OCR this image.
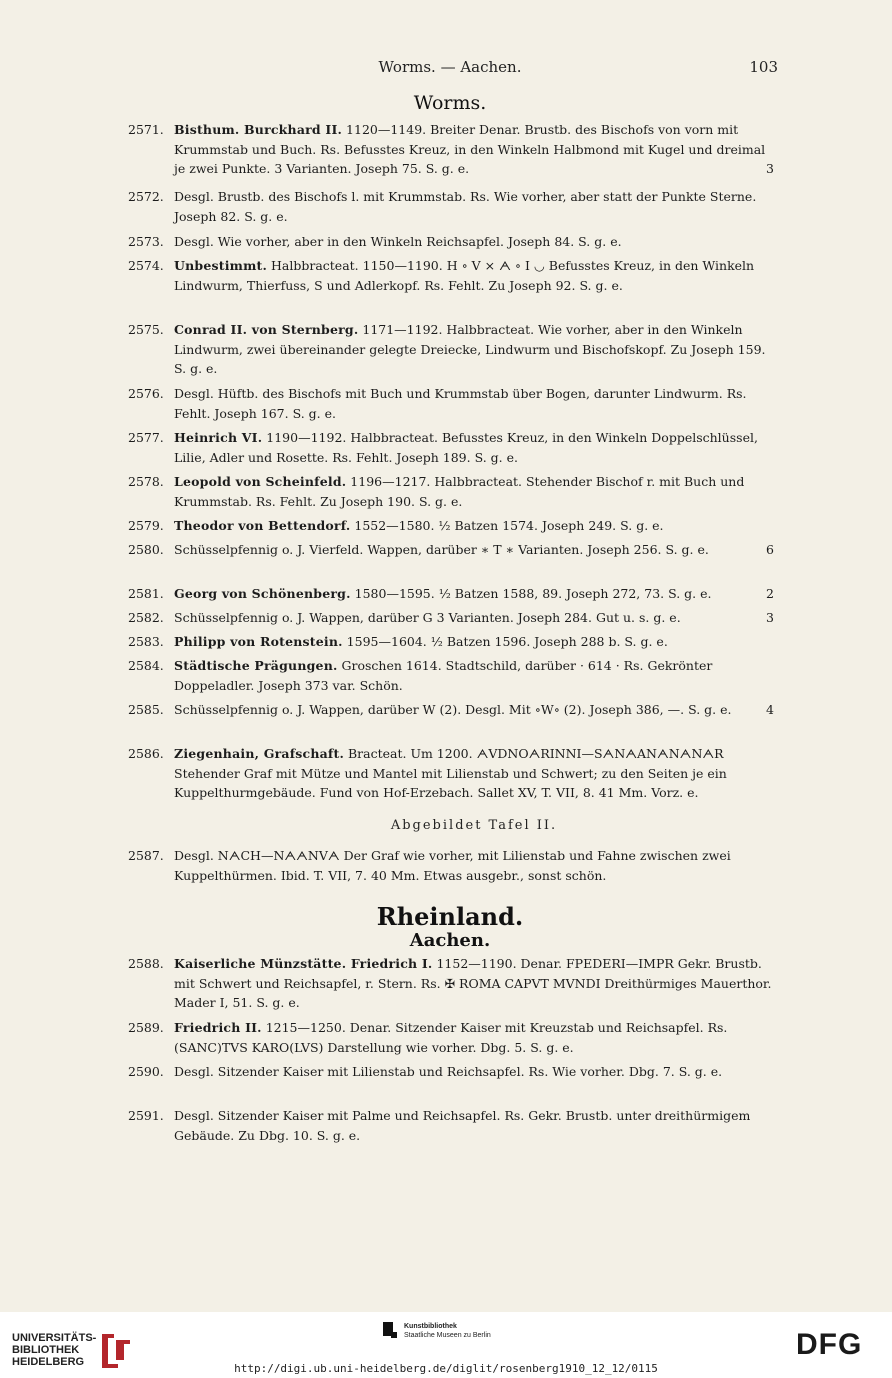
Worms. — Aachen.	103
Worms.
2571. Bisthum. Burckhard II. 1120—1149. Breiter Denar. Brustb. des Bischofs von vorn mit Krummstab und Buch. Rs. Befusstes Kreuz, in den Winkeln Halbmond mit Kugel und dreimal je zwei Punkte. 3 Varianten. Joseph 75. S. g. e.	3
2572. Desgl. Brustb. des Bischofs l. mit Krummstab. Rs. Wie vorher, aber statt der Punkte Sterne. Joseph 82. S. g. e.
2573. Desgl. Wie vorher, aber in den Winkeln Reichsapfel. Joseph 84. S. g. e.
2574. Unbestimmt. Halbbracteat. 1150—1190. H ∘ V × ᗅ ∘ I ◡ Befusstes Kreuz, in den Winkeln Lindwurm, Thierfuss, S und Adlerkopf. Rs. Fehlt. Zu Joseph 92. S. g. e.
2575. Conrad II. von Sternberg. 1171—1192. Halbbracteat. Wie vorher, aber in den Winkeln Lindwurm, zwei übereinander gelegte Dreiecke, Lindwurm und Bischofskopf. Zu Joseph 159. S. g. e.
2576. Desgl. Hüftb. des Bischofs mit Buch und Krummstab über Bogen, darunter Lindwurm. Rs. Fehlt. Joseph 167. S. g. e.
2577. Heinrich VI. 1190—1192. Halbbracteat. Befusstes Kreuz, in den Winkeln Doppelschlüssel, Lilie, Adler und Rosette. Rs. Fehlt. Joseph 189. S. g. e.
2578. Leopold von Scheinfeld. 1196—1217. Halbbracteat. Stehender Bischof r. mit Buch und Krummstab. Rs. Fehlt. Zu Joseph 190. S. g. e.
2579. Theodor von Bettendorf. 1552—1580. ½ Batzen 1574. Joseph 249. S. g. e.
2580. Schüsselpfennig o. J. Vierfeld. Wappen, darüber ∗ T ∗ Varianten. Joseph 256. S. g. e.	6
2581. Georg von Schönenberg. 1580—1595. ½ Batzen 1588, 89. Joseph 272, 73. S. g. e.	2
2582. Schüsselpfennig o. J. Wappen, darüber G 3 Varianten. Joseph 284. Gut u. s. g. e.	3
2583. Philipp von Rotenstein. 1595—1604. ½ Batzen 1596. Joseph 288 b. S. g. e.
2584. Städtische Prägungen. Groschen 1614. Stadtschild, darüber · 614 · Rs. Gekrönter Doppeladler. Joseph 373 var. Schön.
2585. Schüsselpfennig o. J. Wappen, darüber W (2). Desgl. Mit ∘W∘ (2). Joseph 386, —. S. g. e.	4
2586. Ziegenhain, Grafschaft. Bracteat. Um 1200. ᗅVDNOᗅRINNI—SᗅNᗅANᗅNᗅNᗅR Stehender Graf mit Mütze und Mantel mit Lilienstab und Schwert; zu den Seiten je ein Kuppelthurmgebäude. Fund von Hof-Erzebach. Sallet XV, T. VII, 8. 41 Mm. Vorz. e.
Abgebildet Tafel II.
2587. Desgl. NᗅCH—NᗅᗅNVᗅ Der Graf wie vorher, mit Lilienstab und Fahne zwischen zwei Kuppelthürmen. Ibid. T. VII, 7. 40 Mm. Etwas ausgebr., sonst schön.
Rheinland.
Aachen.
2588. Kaiserliche Münzstätte. Friedrich I. 1152—1190. Denar. FPEDERI—IMPR Gekr. Brustb. mit Schwert und Reichsapfel, r. Stern. Rs. ✠ ROMA CAPVT MVNDI Dreithürmiges Mauerthor. Mader I, 51. S. g. e.
2589. Friedrich II. 1215—1250. Denar. Sitzender Kaiser mit Kreuzstab und Reichsapfel. Rs. (SANC)TVS KARO(LVS) Darstellung wie vorher. Dbg. 5. S. g. e.
2590. Desgl. Sitzender Kaiser mit Lilienstab und Reichsapfel. Rs. Wie vorher. Dbg. 7. S. g. e.
2591. Desgl. Sitzender Kaiser mit Palme und Reichsapfel. Rs. Gekr. Brustb. unter dreithürmigem Gebäude. Zu Dbg. 10. S. g. e.
UNIVERSITÄTS-
BIBLIOTHEK
HEIDELBERG
Kunstbibliothek
Staatliche Museen zu Berlin	DFG
http://digi.ub.uni-heidelberg.de/diglit/rosenberg1910_12_12/0115
